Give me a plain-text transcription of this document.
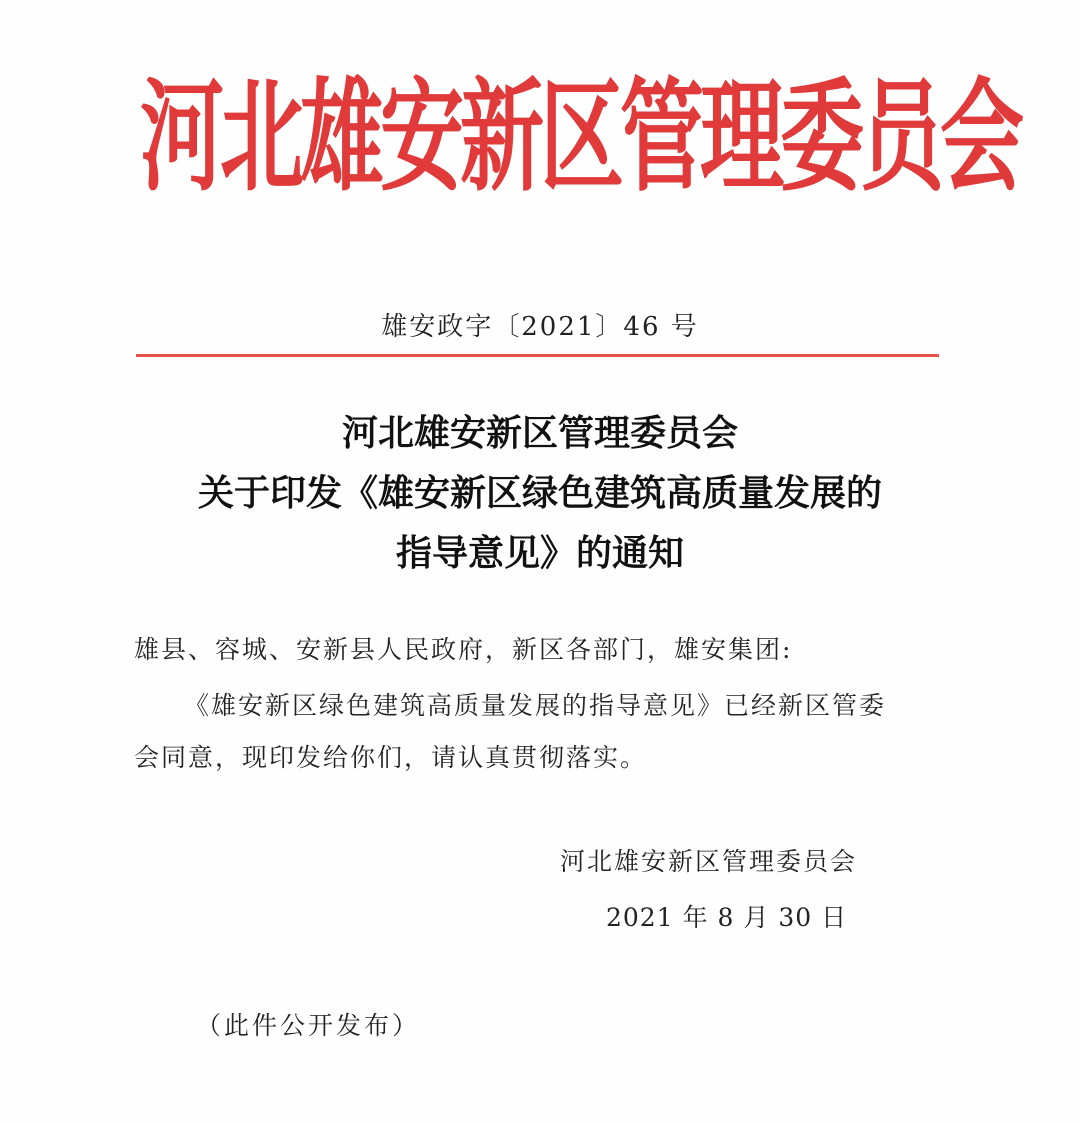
河
北
雄
安
新
区
管
理
委
员
会
雄安政字〔2021〕46 号
河北雄安新区管理委员会
关于印发《雄安新区绿色建筑高质量发展的
指导意见》的通知
雄县、容城、安新县人民政府，新区各部门，雄安集团:
《雄安新区绿色建筑高质量发展的指导意见》已经新区管委
会同意，现印发给你们，请认真贯彻落实。
河北雄安新区管理委员会
2021 年 8 月 30 日
（此件公开发布）
